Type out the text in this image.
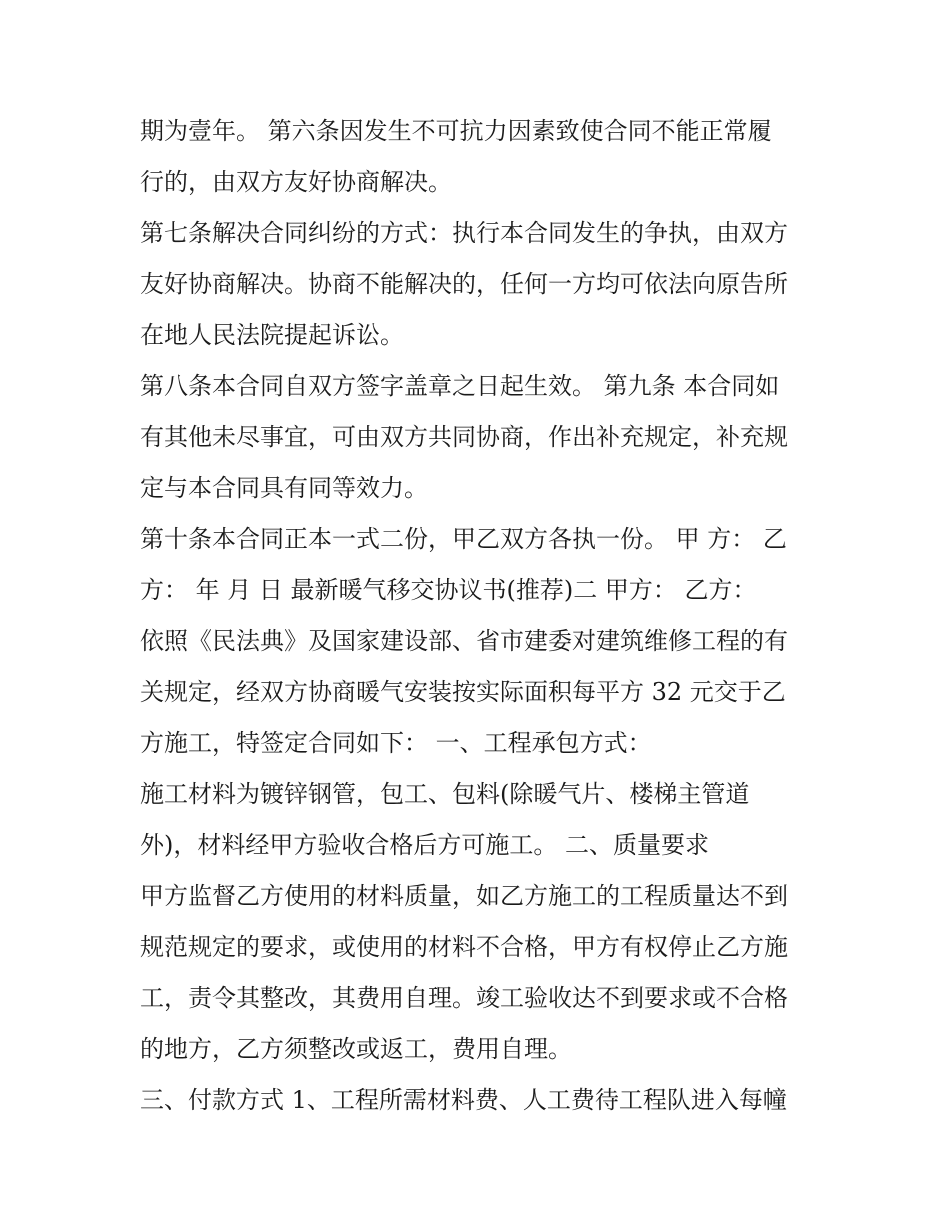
期为壹年。 第六条因发生不可抗力因素致使合同不能正常履
行的，由双方友好协商解决。
第七条解决合同纠纷的方式：执行本合同发生的争执，由双方
友好协商解决。协商不能解决的，任何一方均可依法向原告所
在地人民法院提起诉讼。
第八条本合同自双方签字盖章之日起生效。 第九条 本合同如
有其他未尽事宜，可由双方共同协商，作出补充规定，补充规
定与本合同具有同等效力。
第十条本合同正本一式二份，甲乙双方各执一份。 甲 方： 乙
方： 年 月 日 最新暖气移交协议书(推荐)二 甲方： 乙方：
依照《民法典》及国家建设部、省市建委对建筑维修工程的有
关规定，经双方协商暖气安装按实际面积每平方 32 元交于乙
方施工，特签定合同如下： 一、工程承包方式：
施工材料为镀锌钢管，包工、包料(除暖气片、楼梯主管道
外)，材料经甲方验收合格后方可施工。 二、质量要求
甲方监督乙方使用的材料质量，如乙方施工的工程质量达不到
规范规定的要求，或使用的材料不合格，甲方有权停止乙方施
工，责令其整改，其费用自理。竣工验收达不到要求或不合格
的地方，乙方须整改或返工，费用自理。
三、付款方式 1、工程所需材料费、人工费待工程队进入每幢
